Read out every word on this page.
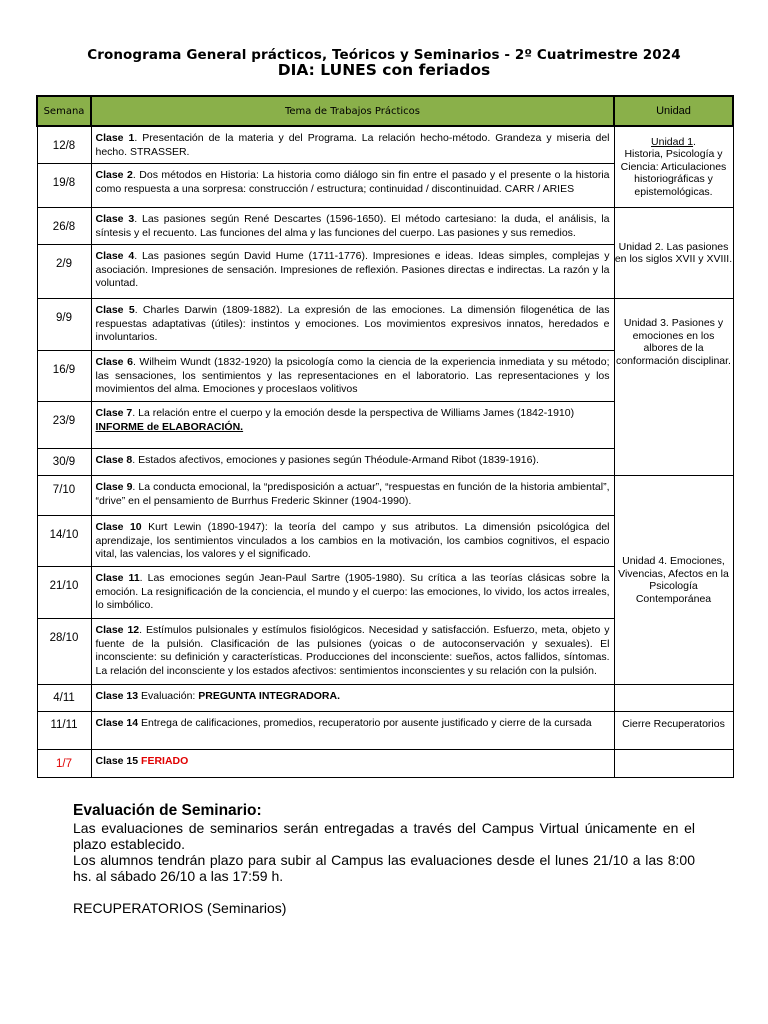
Cronograma General prácticos, Teóricos y Seminarios - 2º Cuatrimestre 2024
DIA: LUNES con feriados
Semana	Tema de Trabajos Prácticos	Unidad
12/8	Clase 1. Presentación de la materia y del Programa. La relación hecho-método. Grandeza y miseria del hecho. STRASSER.	Unidad 1.
Historia, Psicología y Ciencia: Articulaciones historiográficas y epistemológicas.
19/8	Clase 2. Dos métodos en Historia: La historia como diálogo sin fin entre el pasado y el presente o la historia como respuesta a una sorpresa: construcción / estructura; continuidad / discontinuidad. CARR / ARIES	
26/8	Clase 3. Las pasiones según René Descartes (1596-1650). El método cartesiano: la duda, el análisis, la síntesis y el recuento. Las funciones del alma y las funciones del cuerpo. Las pasiones y sus remedios.	Unidad 2. Las pasiones en los siglos XVII y XVIII.
2/9	Clase 4. Las pasiones según David Hume (1711-1776). Impresiones e ideas. Ideas simples, complejas y asociación. Impresiones de sensación. Impresiones de reflexión. Pasiones directas e indirectas. La razón y la voluntad.	
9/9	Clase 5. Charles Darwin (1809-1882). La expresión de las emociones. La dimensión filogenética de las respuestas adaptativas (útiles): instintos y emociones. Los movimientos expresivos innatos, heredados e involuntarios.	Unidad 3. Pasiones y emociones en los albores de la conformación disciplinar.
16/9	Clase 6. Wilheim Wundt (1832-1920) la psicología como la ciencia de la experiencia inmediata y su método; las sensaciones, los sentimientos y las representaciones en el laboratorio. Las representaciones y los movimientos del alma. Emociones y procesIaos volitivos	
23/9	Clase 7. La relación entre el cuerpo y la emoción desde la perspectiva de Williams James (1842-1910)
INFORME de ELABORACIÓN.	
30/9	Clase 8. Estados afectivos, emociones y pasiones según Théodule-Armand Ribot (1839-1916).	
7/10	Clase 9. La conducta emocional, la “predisposición a actuar”, “respuestas en función de la historia ambiental”, “drive” en el pensamiento de Burrhus Frederic Skinner (1904-1990).	Unidad 4. Emociones, Vivencias, Afectos en la Psicología Contemporánea
14/10	Clase 10 Kurt Lewin (1890-1947): la teoría del campo y sus atributos. La dimensión psicológica del aprendizaje, los sentimientos vinculados a los cambios en la motivación, los cambios cognitivos, el espacio vital, las valencias, los valores y el significado.	
21/10	Clase 11. Las emociones según Jean-Paul Sartre (1905-1980). Su crítica a las teorías clásicas sobre la emoción. La resignificación de la conciencia, el mundo y el cuerpo: las emociones, lo vivido, los actos irreales, lo simbólico.	
28/10	Clase 12. Estímulos pulsionales y estímulos fisiológicos. Necesidad y satisfacción. Esfuerzo, meta, objeto y fuente de la pulsión. Clasificación de las pulsiones (yoicas o de autoconservación y sexuales). El inconsciente: su definición y características. Producciones del inconsciente: sueños, actos fallidos, síntomas. La relación del inconsciente y los estados afectivos: sentimientos inconscientes y su relación con la pulsión.	
4/11	Clase 13 Evaluación: PREGUNTA INTEGRADORA.	
11/11	Clase 14 Entrega de calificaciones, promedios, recuperatorio por ausente justificado y cierre de la cursada	Cierre Recuperatorios
1/7	Clase 15 FERIADO	
Evaluación de Seminario:

Las evaluaciones de seminarios serán entregadas a través del Campus Virtual únicamente en el plazo establecido.

Los alumnos tendrán plazo para subir al Campus las evaluaciones desde el lunes 21/10 a las 8:00 hs. al sábado 26/10 a las 17:59 h.

RECUPERATORIOS (Seminarios)
